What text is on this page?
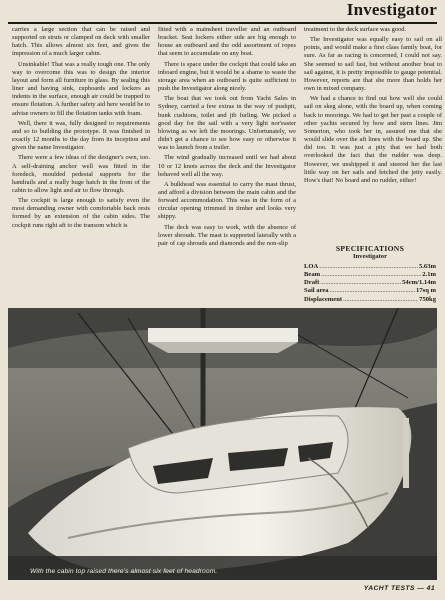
Investigator

carries a large section that can be raised and supported on struts or clamped on deck with smaller hatch. This allows almost six feet, and gives the impression of a much larger cabin.

Unsinkable! That was a really tough one. The only way to overcome this was to design the interior layout and form all furniture in glass. By sealing this liner and having sink, cupboards and lockers as indents in the surface, enough air could be trapped to ensure flotation. A further safety aid here would be to advise owners to fill the flotation tanks with foam.

Well, there it was, fully designed to requirements and so to building the prototype. It was finished in exactly 12 months to the day from its inception and given the name Investigator.

There were a few ideas of the designer's own, too. A self-draining anchor well was fitted in the foredeck, moulded pedestal supports for the handrails and a really huge hatch in the front of the cabin to allow light and air to flow through.

The cockpit is large enough to satisfy even the most demanding owner with comfortable back rests formed by an extension of the cabin sides. The cockpit runs right aft to the transom which is

fitted with a mainsheet traveller and an outboard bracket. Seat lockers either side are big enough to house an outboard and the odd assortment of ropes that seem to accumulate on any boat.

There is space under the cockpit that could take an inboard engine, but it would be a shame to waste the storage area when an outboard is quite sufficient to push the Investigator along nicely.

The boat that we took out from Yacht Sales in Sydney, carried a few extras in the way of pushpit, bunk cushions, toilet and jib furling. We picked a good day for the sail with a very light nor'easter blowing as we left the moorings. Unfortunately, we didn't get a chance to see how easy or otherwise it was to launch from a trailer.

The wind gradually increased until we had about 10 or 12 knots across the deck and the Investigator behaved well all the way.

A bulkhead was essential to carry the mast thrust, and afford a division between the main cabin and the forward accommodation. This was in the form of a circular opening trimmed in timber and looks very shippy.

The deck was easy to work, with the absence of lower shrouds. The mast is supported laterally with a pair of cap shrouds and diamonds and the non-slip

treatment to the deck surface was good.

The Investigator was equally easy to sail on all points, and would make a first class family boat, for sure. As far as racing is concerned, I could not say. She seemed to sail fast, but without another boat to sail against, it is pretty impossible to gauge potential. However, reports are that she more than holds her own in mixed company.

We had a chance to find out how well she could sail on skeg alone, with the board up, when coming back to moorings. We had to get her past a couple of other yachts secured by bow and stern lines. Jim Somerton, who took her in, assured me that she would slide over the aft lines with the board up. She did too. It was just a pity that we had both overlooked the fact that the rudder was deep. However, we unshipped it and steered her the last little way on her sails and fetched the jetty easily. How's that! No board and no rudder, either!

SPECIFICATIONS
Investigator
LOA .....	5.63m
Beam .....	2.1m
Draft .....	54cm/1.14m
Sail area .....	17sq m
Displacement .....	750kg
With the cabin top raised there's almost six feet of headroom.
YACHT TESTS — 41
